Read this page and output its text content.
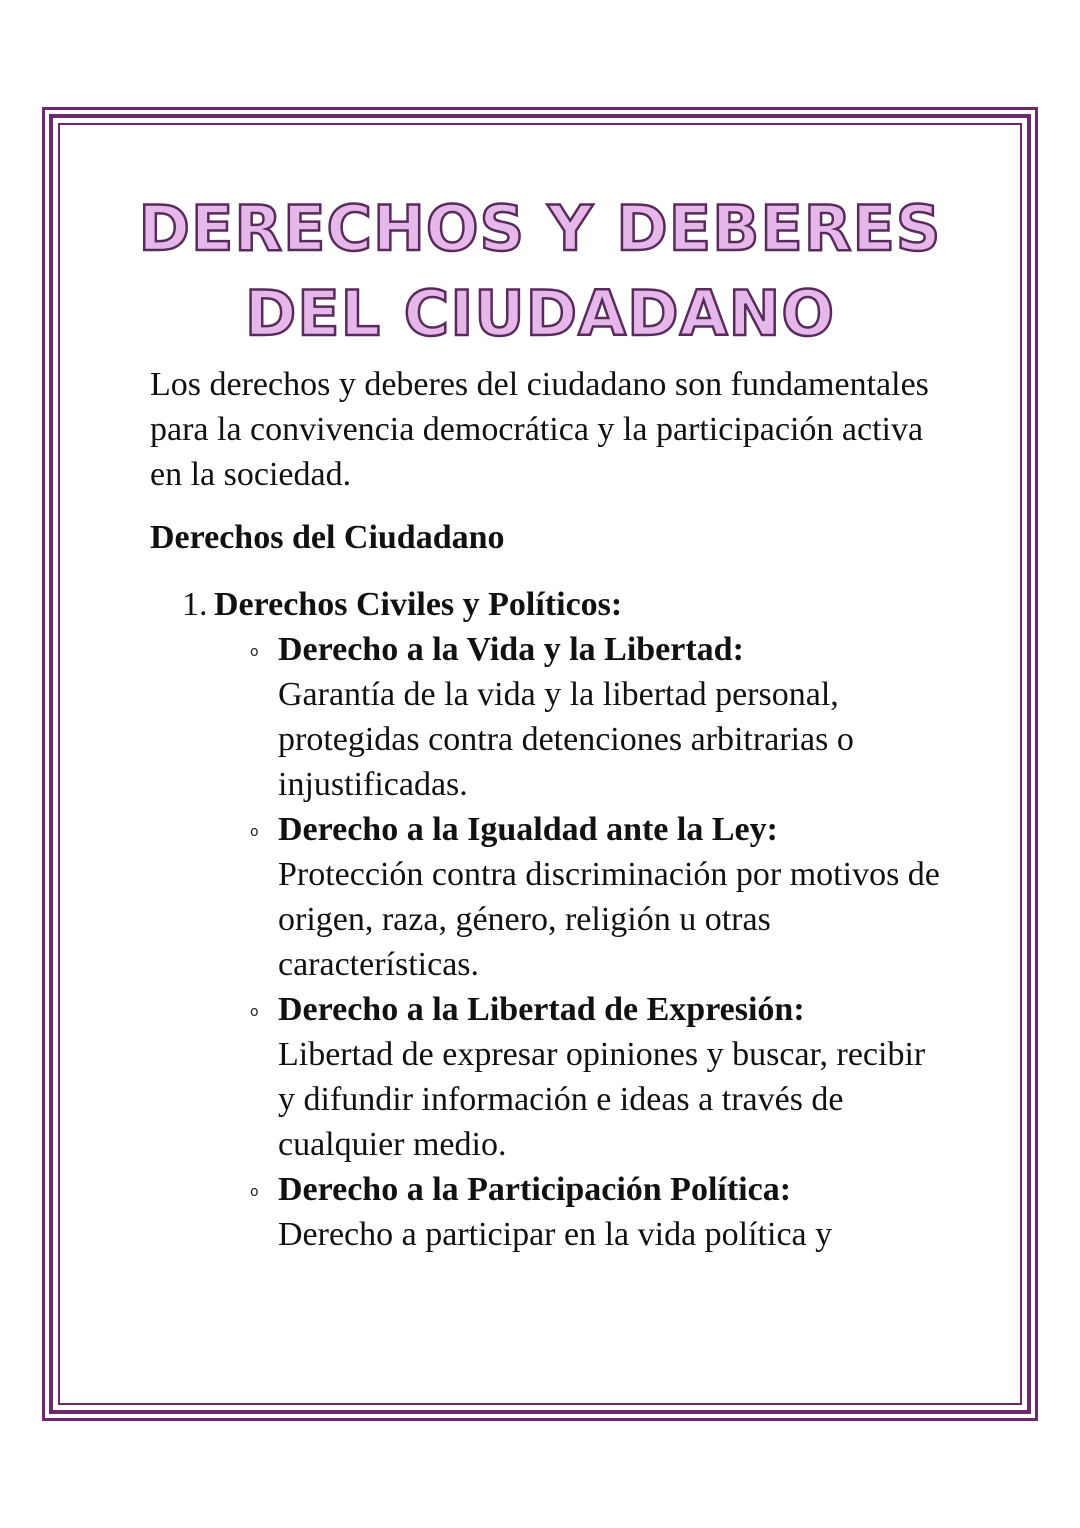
DERECHOS Y DEBERES
DEL CIUDADANO

Los derechos y deberes del ciudadano son fundamentales para la convivencia democrática y la participación activa en la sociedad.

Derechos del Ciudadano

1. Derechos Civiles y Políticos:
o Derecho a la Vida y la Libertad:
Garantía de la vida y la libertad personal, protegidas contra detenciones arbitrarias o injustificadas.
o Derecho a la Igualdad ante la Ley:
Protección contra discriminación por motivos de origen, raza, género, religión u otras características.
o Derecho a la Libertad de Expresión:
Libertad de expresar opiniones y buscar, recibir y difundir información e ideas a través de cualquier medio.
o Derecho a la Participación Política:
Derecho a participar en la vida política y
